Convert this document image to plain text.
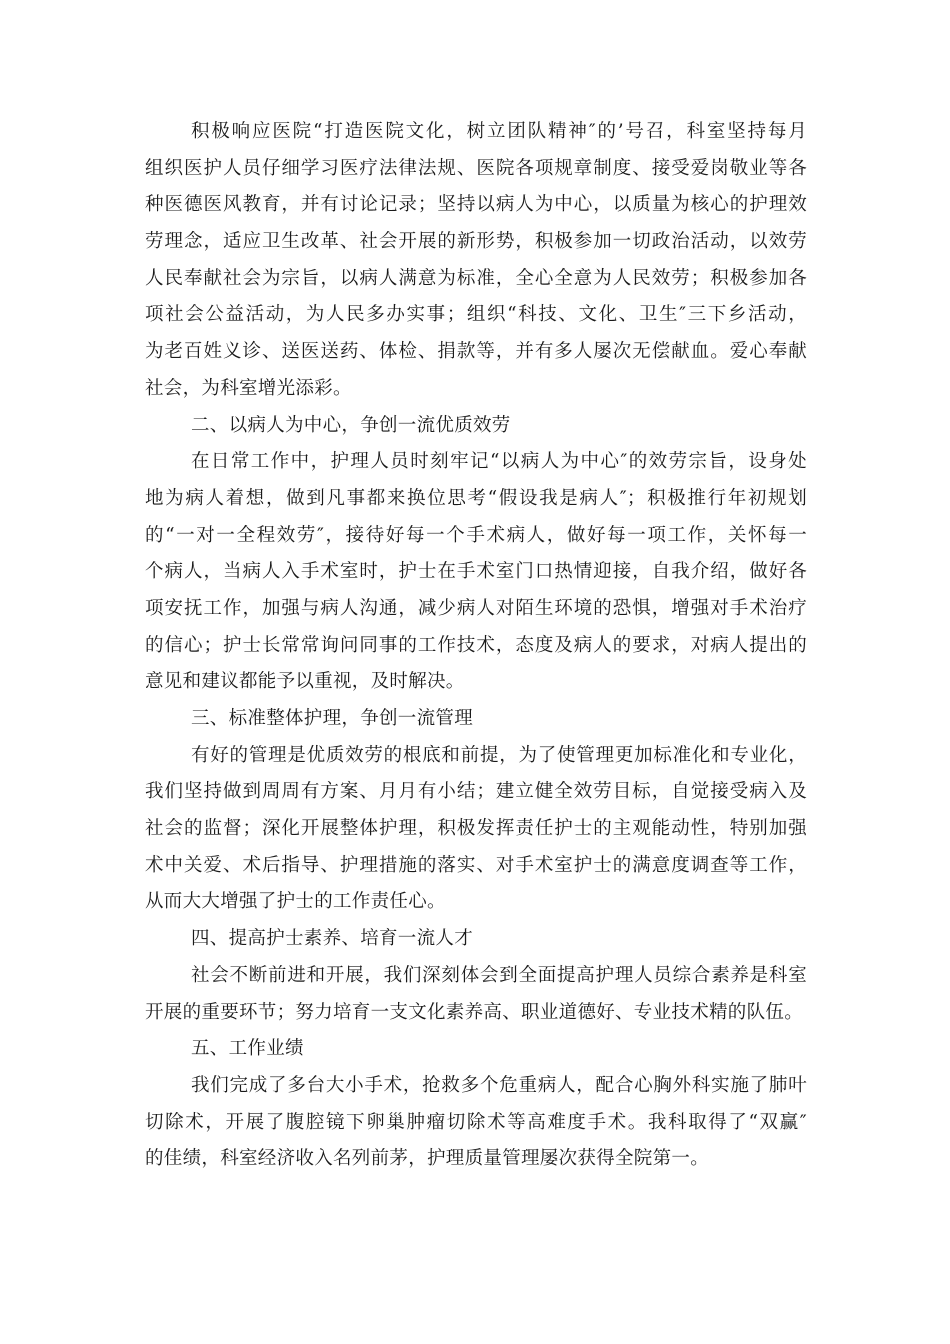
积极响应医院“打造医院文化，树立团队精神″的’号召，科室坚持每月
组织医护人员仔细学习医疗法律法规、医院各项规章制度、接受爱岗敬业等各
种医德医风教育，并有讨论记录；坚持以病人为中心，以质量为核心的护理效
劳理念，适应卫生改革、社会开展的新形势，积极参加一切政治活动，以效劳
人民奉献社会为宗旨，以病人满意为标准，全心全意为人民效劳；积极参加各
项社会公益活动，为人民多办实事；组织“科技、文化、卫生″三下乡活动，
为老百姓义诊、送医送药、体检、捐款等，并有多人屡次无偿献血。爱心奉献
社会，为科室增光添彩。
二、以病人为中心，争创一流优质效劳
在日常工作中，护理人员时刻牢记“以病人为中心″的效劳宗旨，设身处
地为病人着想，做到凡事都来换位思考“假设我是病人″；积极推行年初规划
的“一对一全程效劳″，接待好每一个手术病人，做好每一项工作，关怀每一
个病人，当病人入手术室时，护士在手术室门口热情迎接，自我介绍，做好各
项安抚工作，加强与病人沟通，减少病人对陌生环境的恐惧，增强对手术治疗
的信心；护士长常常询问同事的工作技术，态度及病人的要求，对病人提出的
意见和建议都能予以重视，及时解决。
三、标准整体护理，争创一流管理
有好的管理是优质效劳的根底和前提，为了使管理更加标准化和专业化，
我们坚持做到周周有方案、月月有小结；建立健全效劳目标，自觉接受病入及
社会的监督；深化开展整体护理，积极发挥责任护士的主观能动性，特别加强
术中关爱、术后指导、护理措施的落实、对手术室护士的满意度调查等工作，
从而大大增强了护士的工作责任心。
四、提高护士素养、培育一流人才
社会不断前进和开展，我们深刻体会到全面提高护理人员综合素养是科室
开展的重要环节；努力培育一支文化素养高、职业道德好、专业技术精的队伍。
五、工作业绩
我们完成了多台大小手术，抢救多个危重病人，配合心胸外科实施了肺叶
切除术，开展了腹腔镜下卵巢肿瘤切除术等高难度手术。我科取得了“双赢″
的佳绩，科室经济收入名列前茅，护理质量管理屡次获得全院第一。
